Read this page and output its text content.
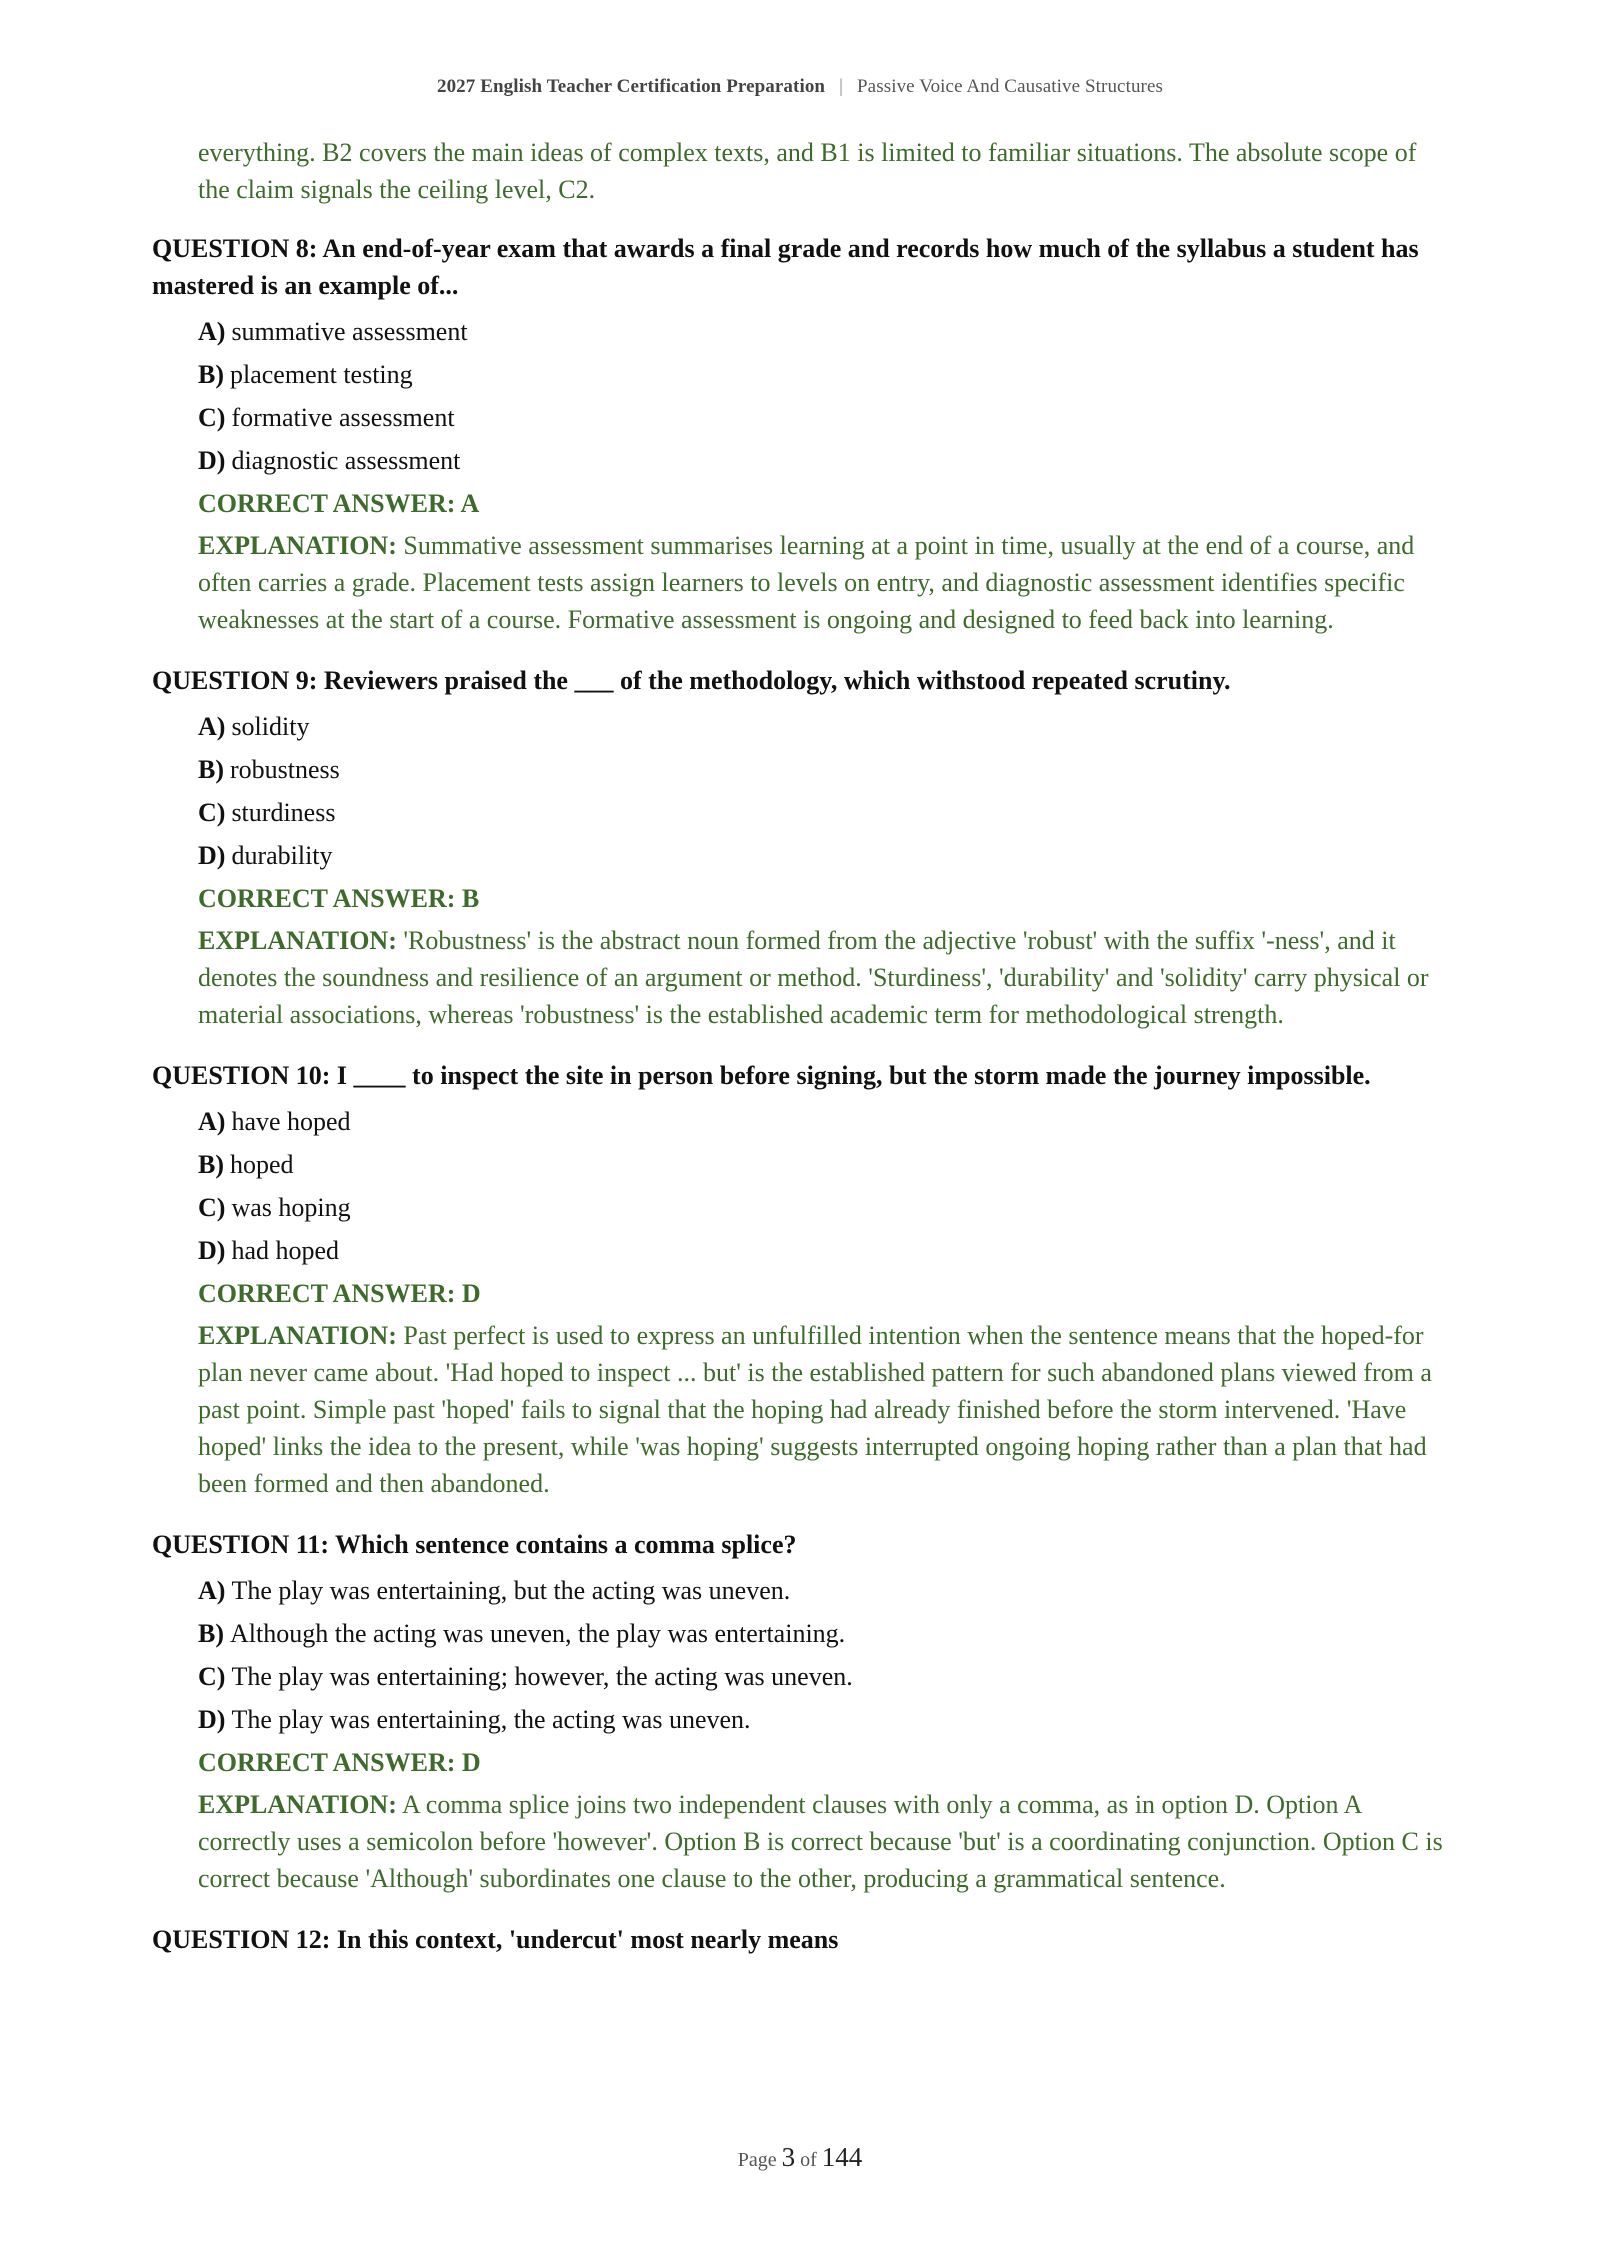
2027 English Teacher Certification Preparation | Passive Voice And Causative Structures

everything. B2 covers the main ideas of complex texts, and B1 is limited to familiar situations. The absolute scope of the claim signals the ceiling level, C2.

QUESTION 8: An end-of-year exam that awards a final grade and records how much of the syllabus a student has mastered is an example of...

A) summative assessment
B) placement testing
C) formative assessment
D) diagnostic assessment

CORRECT ANSWER: A

EXPLANATION: Summative assessment summarises learning at a point in time, usually at the end of a course, and often carries a grade. Placement tests assign learners to levels on entry, and diagnostic assessment identifies specific weaknesses at the start of a course. Formative assessment is ongoing and designed to feed back into learning.

QUESTION 9: Reviewers praised the ___ of the methodology, which withstood repeated scrutiny.

A) solidity
B) robustness
C) sturdiness
D) durability

CORRECT ANSWER: B

EXPLANATION: 'Robustness' is the abstract noun formed from the adjective 'robust' with the suffix '-ness', and it denotes the soundness and resilience of an argument or method. 'Sturdiness', 'durability' and 'solidity' carry physical or material associations, whereas 'robustness' is the established academic term for methodological strength.

QUESTION 10: I ____ to inspect the site in person before signing, but the storm made the journey impossible.

A) have hoped
B) hoped
C) was hoping
D) had hoped

CORRECT ANSWER: D

EXPLANATION: Past perfect is used to express an unfulfilled intention when the sentence means that the hoped-for plan never came about. 'Had hoped to inspect ... but' is the established pattern for such abandoned plans viewed from a past point. Simple past 'hoped' fails to signal that the hoping had already finished before the storm intervened. 'Have hoped' links the idea to the present, while 'was hoping' suggests interrupted ongoing hoping rather than a plan that had been formed and then abandoned.

QUESTION 11: Which sentence contains a comma splice?

A) The play was entertaining, but the acting was uneven.
B) Although the acting was uneven, the play was entertaining.
C) The play was entertaining; however, the acting was uneven.
D) The play was entertaining, the acting was uneven.

CORRECT ANSWER: D

EXPLANATION: A comma splice joins two independent clauses with only a comma, as in option D. Option A correctly uses a semicolon before 'however'. Option B is correct because 'but' is a coordinating conjunction. Option C is correct because 'Although' subordinates one clause to the other, producing a grammatical sentence.

QUESTION 12: In this context, 'undercut' most nearly means

Page 3 of 144
